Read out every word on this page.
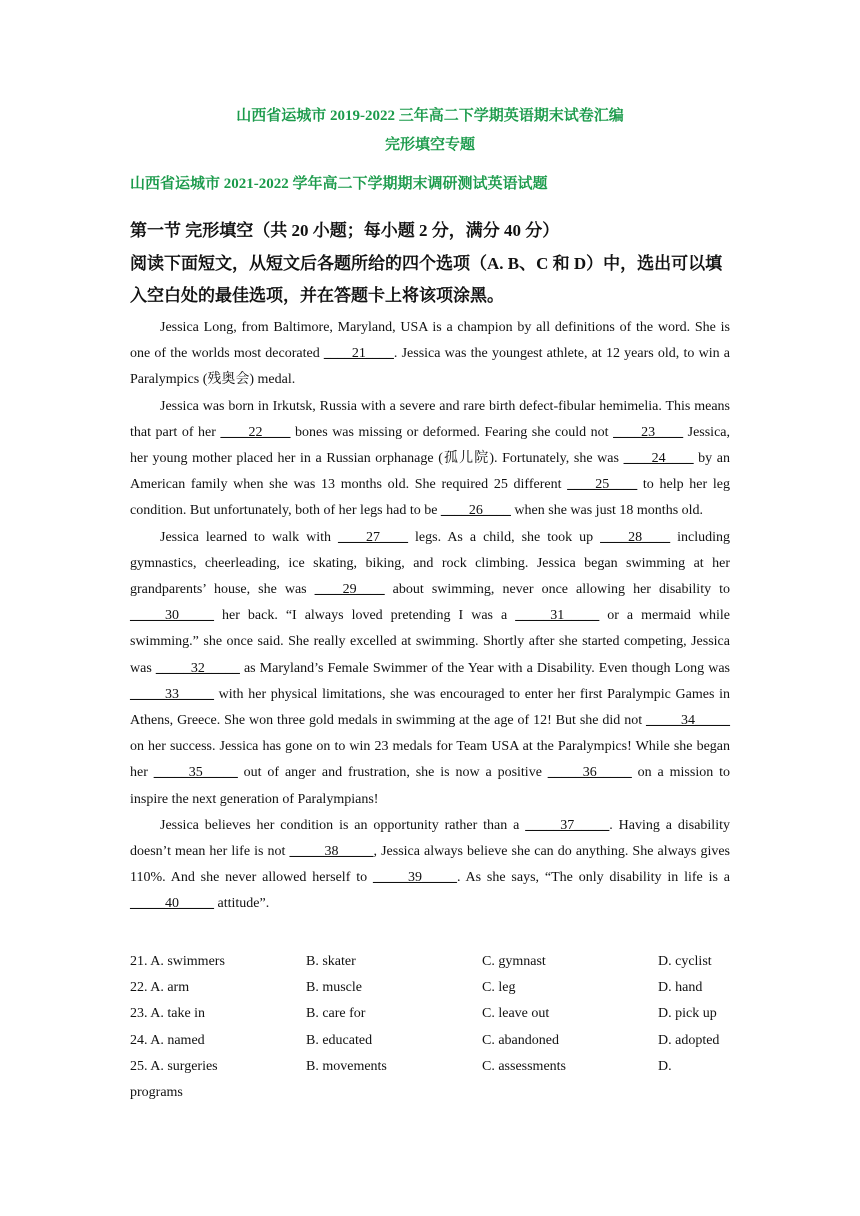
山西省运城市 2019-2022 三年高二下学期英语期末试卷汇编
完形填空专题
山西省运城市 2021-2022 学年高二下学期期末调研测试英语试题
第一节 完形填空（共 20 小题；每小题 2 分，满分 40 分）
阅读下面短文，从短文后各题所给的四个选项（A. B、C 和 D）中，选出可以填入空白处的最佳选项，并在答题卡上将该项涂黑。

Jessica Long, from Baltimore, Maryland, USA is a champion by all definitions of the word. She is one of the worlds most decorated ____21____. Jessica was the youngest athlete, at 12 years old, to win a Paralympics (残奥会) medal.

Jessica was born in Irkutsk, Russia with a severe and rare birth defect-fibular hemimelia. This means that part of her ____22____ bones was missing or deformed. Fearing she could not ____23____ Jessica, her young mother placed her in a Russian orphanage (孤儿院). Fortunately, she was ____24____ by an American family when she was 13 months old. She required 25 different ____25____ to help her leg condition. But unfortunately, both of her legs had to be ____26____ when she was just 18 months old.

Jessica learned to walk with ____27____ legs. As a child, she took up ____28____ including gymnastics, cheerleading, ice skating, biking, and rock climbing. Jessica began swimming at her grandparents’ house, she was ____29____ about swimming, never once allowing her disability to _____30_____ her back. “I always loved pretending I was a _____31_____ or a mermaid while swimming.” she once said. She really excelled at swimming. Shortly after she started competing, Jessica was _____32_____ as Maryland’s Female Swimmer of the Year with a Disability. Even though Long was _____33_____ with her physical limitations, she was encouraged to enter her first Paralympic Games in Athens, Greece. She won three gold medals in swimming at the age of 12! But she did not _____34_____ on her success. Jessica has gone on to win 23 medals for Team USA at the Paralympics! While she began her _____35_____ out of anger and frustration, she is now a positive _____36_____ on a mission to inspire the next generation of Paralympians!

Jessica believes her condition is an opportunity rather than a _____37_____. Having a disability doesn’t mean her life is not _____38_____, Jessica always believe she can do anything. She always gives 110%. And she never allowed herself to _____39_____. As she says, “The only disability in life is a _____40_____ attitude”.

21. A. swimmers	B. skater	C. gymnast	D. cyclist
22. A. arm	B. muscle	C. leg	D. hand
23. A. take in	B. care for	C. leave out	D. pick up
24. A. named	B. educated	C. abandoned	D. adopted
25. A. surgeries	B. movements	C. assessments	D.
programs
